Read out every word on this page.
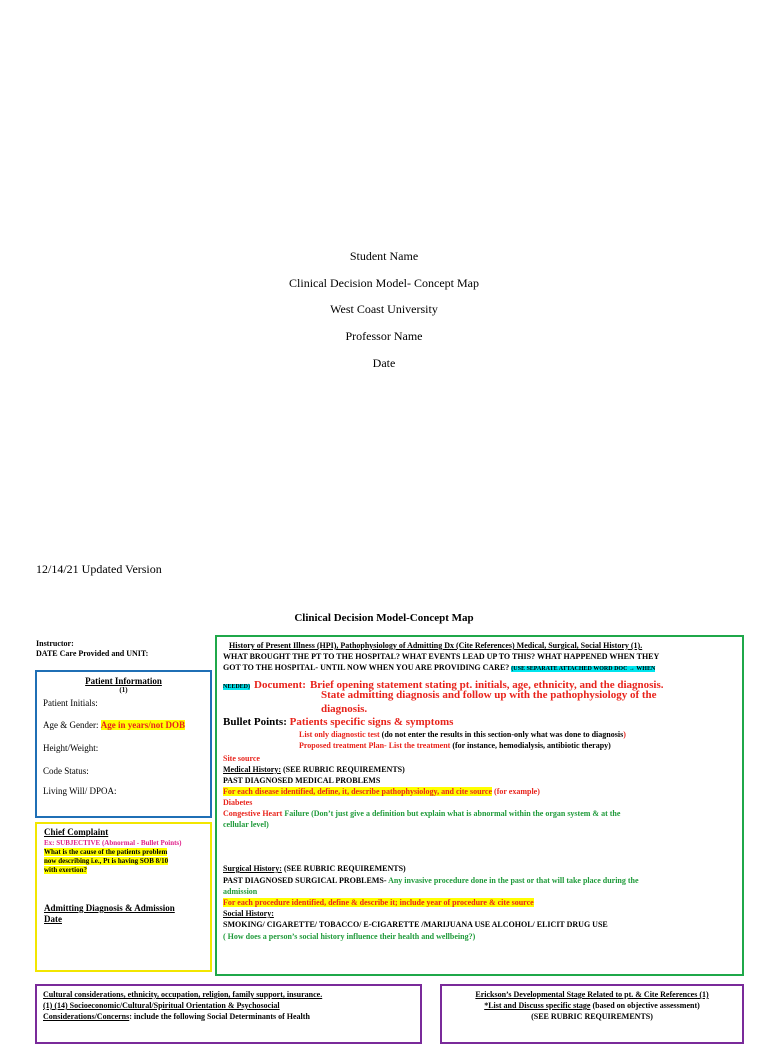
Student Name
Clinical Decision Model- Concept Map
West Coast University
Professor Name
Date
12/14/21 Updated Version
Clinical Decision Model-Concept Map
Instructor:
DATE Care Provided and UNIT:
Patient Information
(1)
Patient Initials:
Age & Gender: Age in years/not DOB
Height/Weight:
Code Status:
Living Will/ DPOA:
Chief Complaint
Ex: SUBJECTIVE (Abnormal - Bullet Points)
What is the cause of the patients problem
now describing i.e., Pt is having SOB 8/10
with exertion?
Admitting Diagnosis & Admission
Date
History of Present Illness (HPI), Pathophysiology of Admitting Dx (Cite References) Medical, Surgical, Social History (1).
WHAT BROUGHT THE PT TO THE HOSPITAL? WHAT EVENTS LEAD UP TO THIS? WHAT HAPPENED WHEN THEY
GOT TO THE HOSPITAL- UNTIL NOW WHEN YOU ARE PROVIDING CARE? (USE SEPARATE ATTACHED WORD DOC → WHEN
NEEDED) Document: Brief opening statement stating pt. initials, age, ethnicity, and the diagnosis.
State admitting diagnosis and follow up with the pathophysiology of the
diagnosis.
Bullet Points: Patients specific signs & symptoms
List only diagnostic test (do not enter the results in this section-only what was done to diagnosis)
Proposed treatment Plan- List the treatment (for instance, hemodialysis, antibiotic therapy)
Site source
Medical History: (SEE RUBRIC REQUIREMENTS)
PAST DIAGNOSED MEDICAL PROBLEMS
For each disease identified, define, it, describe pathophysiology, and cite source (for example)
Diabetes
Congestive Heart Failure (Don’t just give a definition but explain what is abnormal within the organ system & at the
cellular level)
Surgical History: (SEE RUBRIC REQUIREMENTS)
PAST DIAGNOSED SURGICAL PROBLEMS- Any invasive procedure done in the past or that will take place during the
admission
For each procedure identified, define & describe it; include year of procedure & cite source
Social History:
SMOKING/ CIGARETTE/ TOBACCO/ E-CIGARETTE /MARIJUANA USE ALCOHOL/ ELICIT DRUG USE
( How does a person’s social history influence their health and wellbeing?)
Cultural considerations, ethnicity, occupation, religion, family support, insurance.
(1) (14) Socioeconomic/Cultural/Spiritual Orientation & Psychosocial
Considerations/Concerns: include the following Social Determinants of Health
Erickson’s Developmental Stage Related to pt. & Cite References (1)
*List and Discuss specific stage (based on objective assessment)
(SEE RUBRIC REQUIREMENTS)
